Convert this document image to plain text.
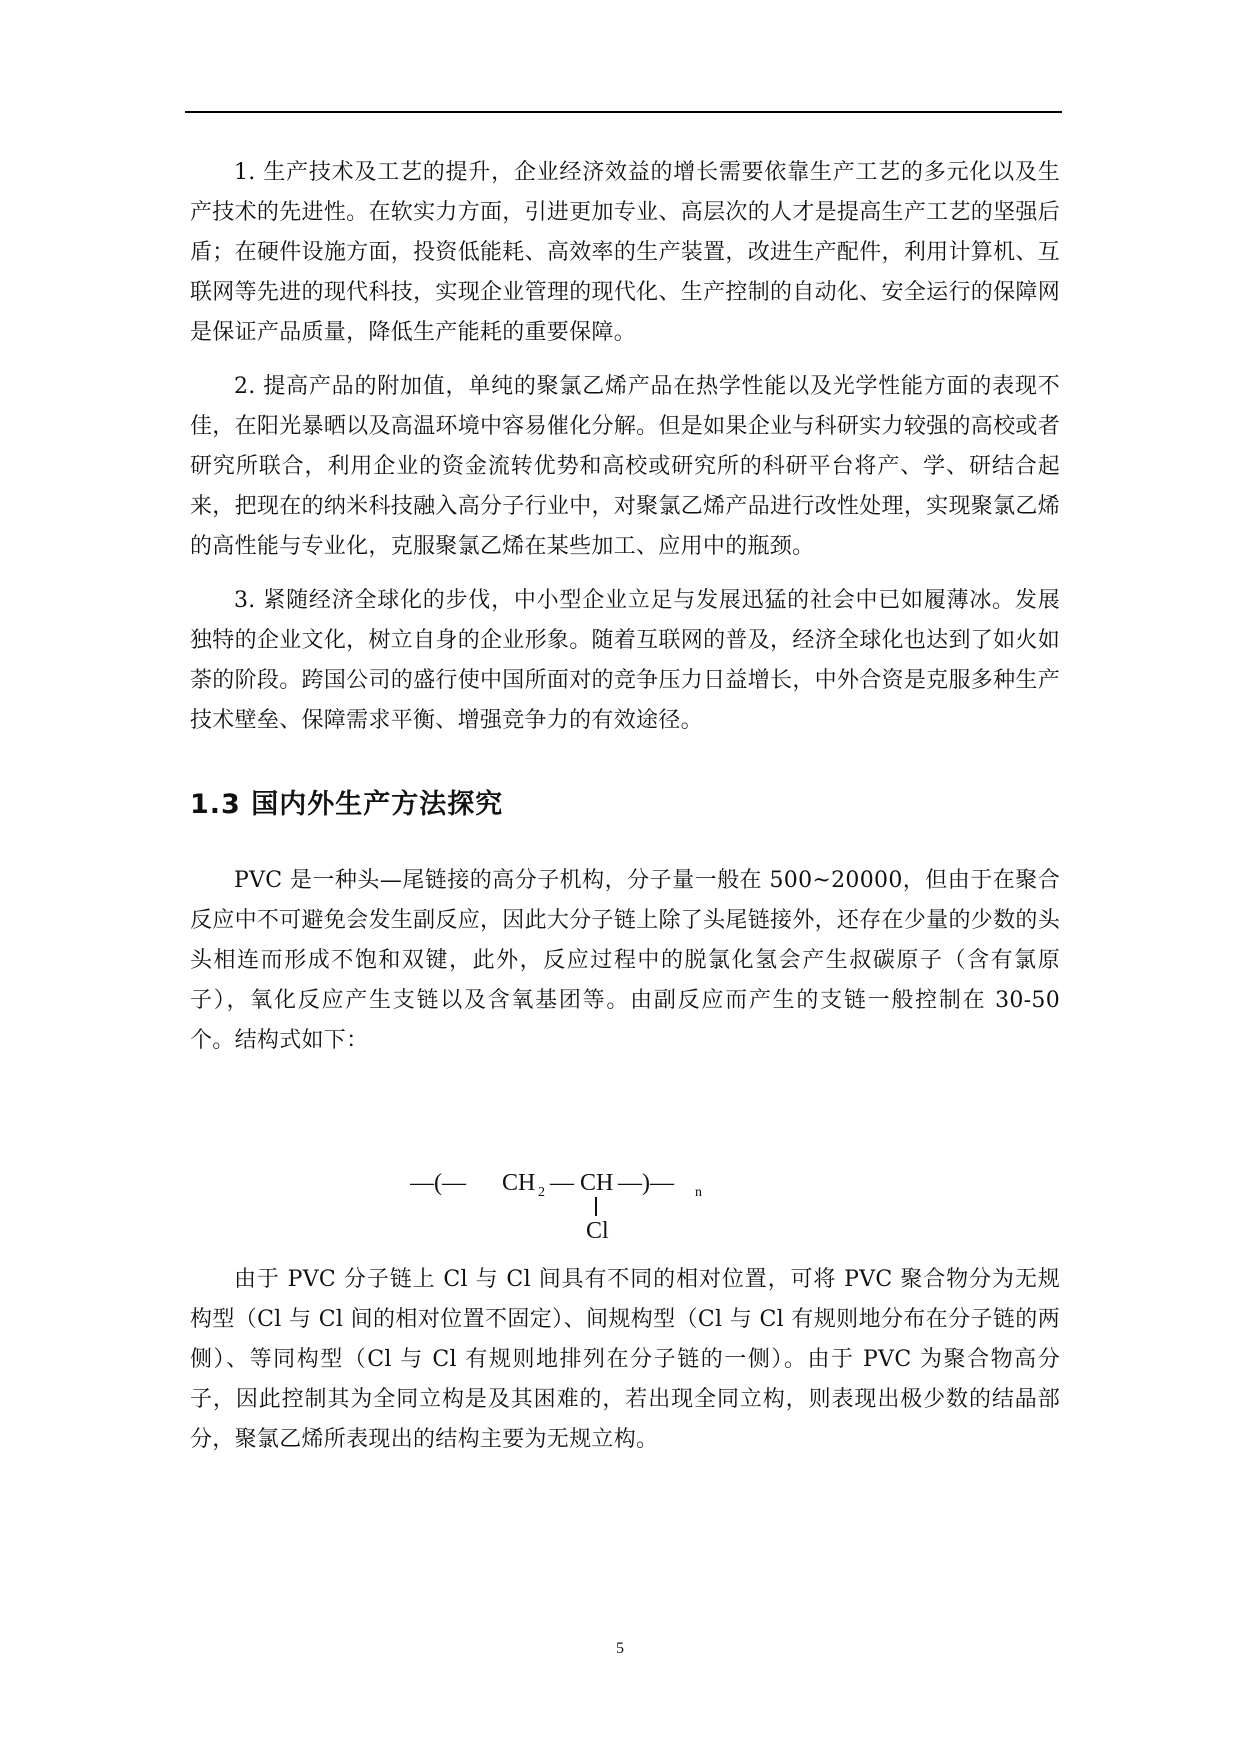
1. 生产技术及工艺的提升，企业经济效益的增长需要依靠生产工艺的多元化以及生产技术的先进性。在软实力方面，引进更加专业、高层次的人才是提高生产工艺的坚强后盾；在硬件设施方面，投资低能耗、高效率的生产装置，改进生产配件，利用计算机、互联网等先进的现代科技，实现企业管理的现代化、生产控制的自动化、安全运行的保障网是保证产品质量，降低生产能耗的重要保障。

2. 提高产品的附加值，单纯的聚氯乙烯产品在热学性能以及光学性能方面的表现不佳，在阳光暴晒以及高温环境中容易催化分解。但是如果企业与科研实力较强的高校或者研究所联合，利用企业的资金流转优势和高校或研究所的科研平台将产、学、研结合起来，把现在的纳米科技融入高分子行业中，对聚氯乙烯产品进行改性处理，实现聚氯乙烯的高性能与专业化，克服聚氯乙烯在某些加工、应用中的瓶颈。

3. 紧随经济全球化的步伐，中小型企业立足与发展迅猛的社会中已如履薄冰。发展独特的企业文化，树立自身的企业形象。随着互联网的普及，经济全球化也达到了如火如荼的阶段。跨国公司的盛行使中国所面对的竞争压力日益增长，中外合资是克服多种生产技术壁垒、保障需求平衡、增强竞争力的有效途径。

1.3 国内外生产方法探究

PVC 是一种头—尾链接的高分子机构，分子量一般在 500~20000，但由于在聚合反应中不可避免会发生副反应，因此大分子链上除了头尾链接外，还存在少量的少数的头头相连而形成不饱和双键，此外，反应过程中的脱氯化氢会产生叔碳原子（含有氯原子），氧化反应产生支链以及含氧基团等。由副反应而产生的支链一般控制在 30-50 个。结构式如下：

—(— CH 2 — CH —)— n
Cl

由于 PVC 分子链上 Cl 与 Cl 间具有不同的相对位置，可将 PVC 聚合物分为无规构型（Cl 与 Cl 间的相对位置不固定）、间规构型（Cl 与 Cl 有规则地分布在分子链的两侧）、等同构型（Cl 与 Cl 有规则地排列在分子链的一侧）。由于 PVC 为聚合物高分子，因此控制其为全同立构是及其困难的，若出现全同立构，则表现出极少数的结晶部分，聚氯乙烯所表现出的结构主要为无规立构。

5
